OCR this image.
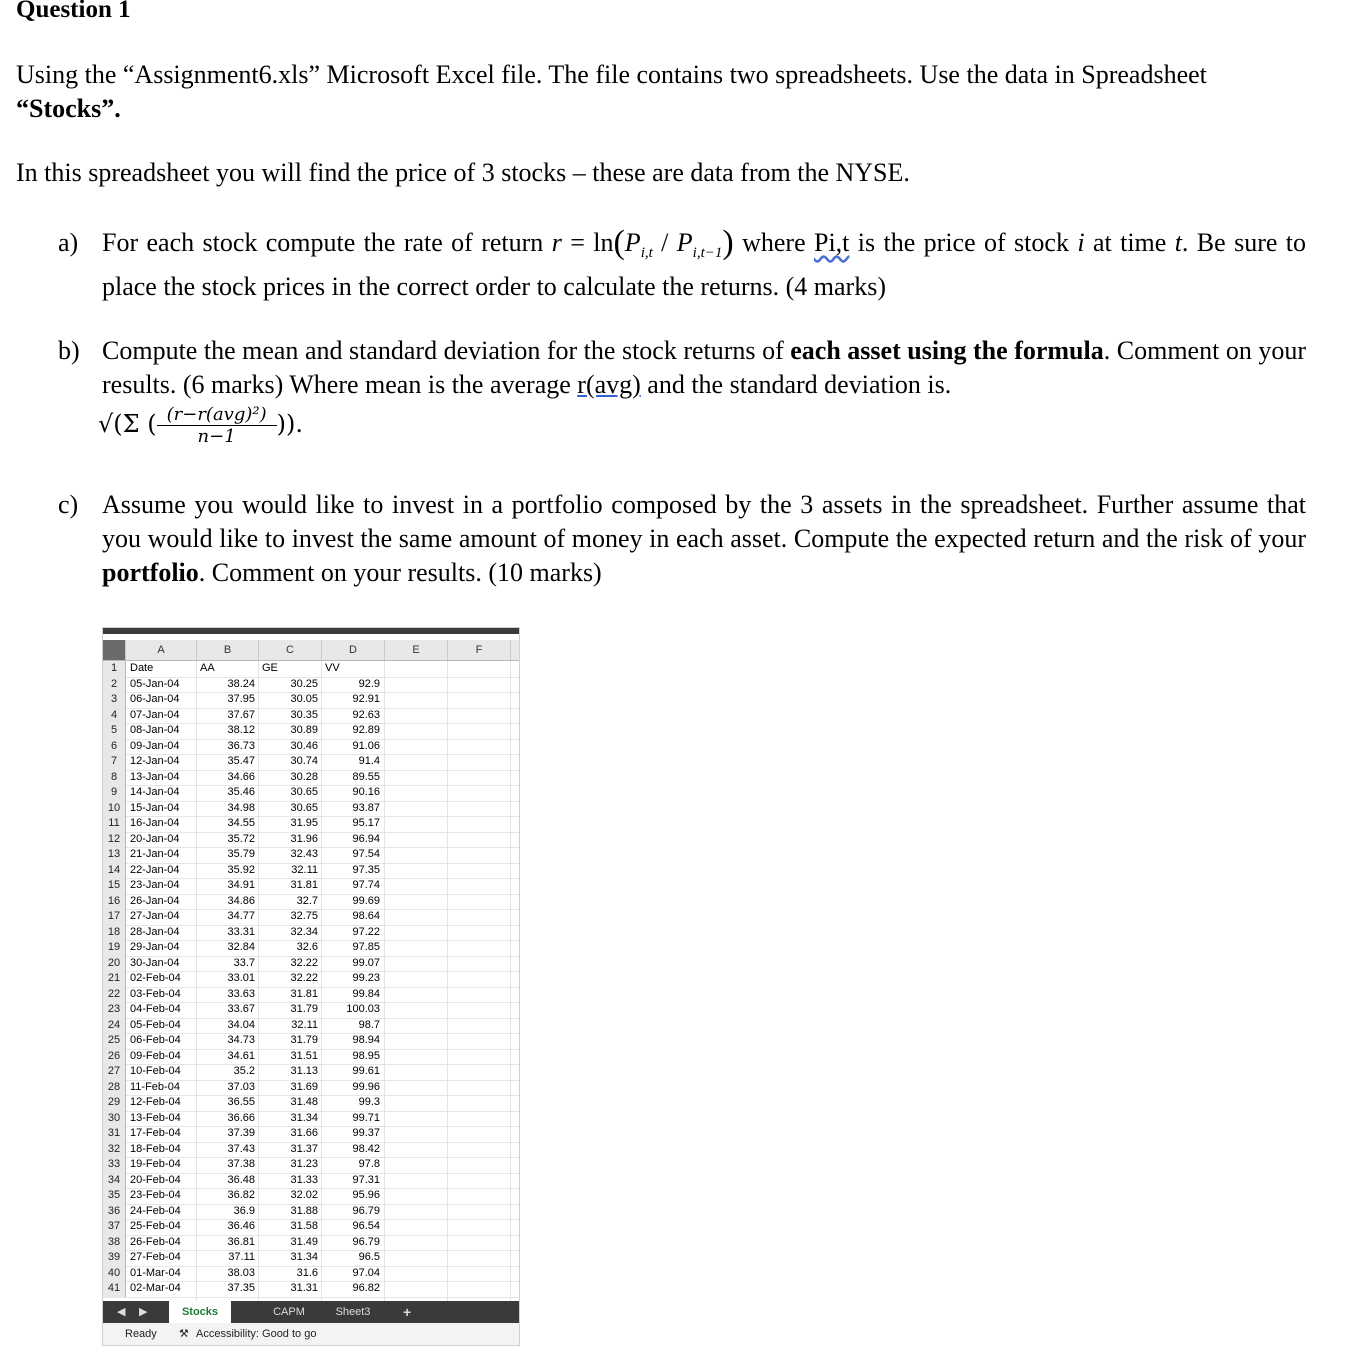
Question 1
Using the “Assignment6.xls” Microsoft Excel file. The file contains two spreadsheets. Use the data in Spreadsheet “Stocks”.
In this spreadsheet you will find the price of 3 stocks – these are data from the NYSE.
a) For each stock compute the rate of return $r = \ln(P_{i,t} / P_{i,t-1})$ where Pi,t is the price of stock i at time t. Be sure to place the stock prices in the correct order to calculate the returns. (4 marks)
b) Compute the mean and standard deviation for the stock returns of each asset using the formula. Comment on your results. (6 marks) Where mean is the average r(avg) and the standard deviation is.
√(Σ ( $\frac{\text{(r−r(avg)²)}}{n-1}$ )).
c) Assume you would like to invest in a portfolio composed by the 3 assets in the spreadsheet. Further assume that you would like to invest the same amount of money in each asset. Compute the expected return and the risk of your portfolio. Comment on your results. (10 marks)
A	B	C	D	E	F
1	Date	AA	GE	VV
2	05-Jan-04	38.24	30.25	92.9
3	06-Jan-04	37.95	30.05	92.91
4	07-Jan-04	37.67	30.35	92.63
5	08-Jan-04	38.12	30.89	92.89
6	09-Jan-04	36.73	30.46	91.06
7	12-Jan-04	35.47	30.74	91.4
8	13-Jan-04	34.66	30.28	89.55
9	14-Jan-04	35.46	30.65	90.16
10 15-Jan-04	34.98	30.65	93.87
11 16-Jan-04	34.55	31.95	95.17
12 20-Jan-04	35.72	31.96	96.94
13 21-Jan-04	35.79	32.43	97.54
14 22-Jan-04	35.92	32.11	97.35
15 23-Jan-04	34.91	31.81	97.74
16 26-Jan-04	34.86	32.7	99.69
17 27-Jan-04	34.77	32.75	98.64
18 28-Jan-04	33.31	32.34	97.22
19 29-Jan-04	32.84	32.6	97.85
20 30-Jan-04	33.7	32.22	99.07
21 02-Feb-04	33.01	32.22	99.23
22 03-Feb-04	33.63	31.81	99.84
23 04-Feb-04	33.67	31.79	100.03
24 05-Feb-04	34.04	32.11	98.7
25 06-Feb-04	34.73	31.79	98.94
26 09-Feb-04	34.61	31.51	98.95
27 10-Feb-04	35.2	31.13	99.61
28 11-Feb-04	37.03	31.69	99.96
29 12-Feb-04	36.55	31.48	99.3
30 13-Feb-04	36.66	31.34	99.71
31 17-Feb-04	37.39	31.66	99.37
32 18-Feb-04	37.43	31.37	98.42
33 19-Feb-04	37.38	31.23	97.8
34 20-Feb-04	36.48	31.33	97.31
35 23-Feb-04	36.82	32.02	95.96
36 24-Feb-04	36.9	31.88	96.79
37 25-Feb-04	36.46	31.58	96.54
38 26-Feb-04	36.81	31.49	96.79
39 27-Feb-04	37.11	31.34	96.5
40 01-Mar-04	38.03	31.6	97.04
41 02-Mar-04	37.35	31.31	96.82
◀ ▶	Stocks	CAPM	Sheet3	+
Ready ⚒ Accessibility: Good to go
